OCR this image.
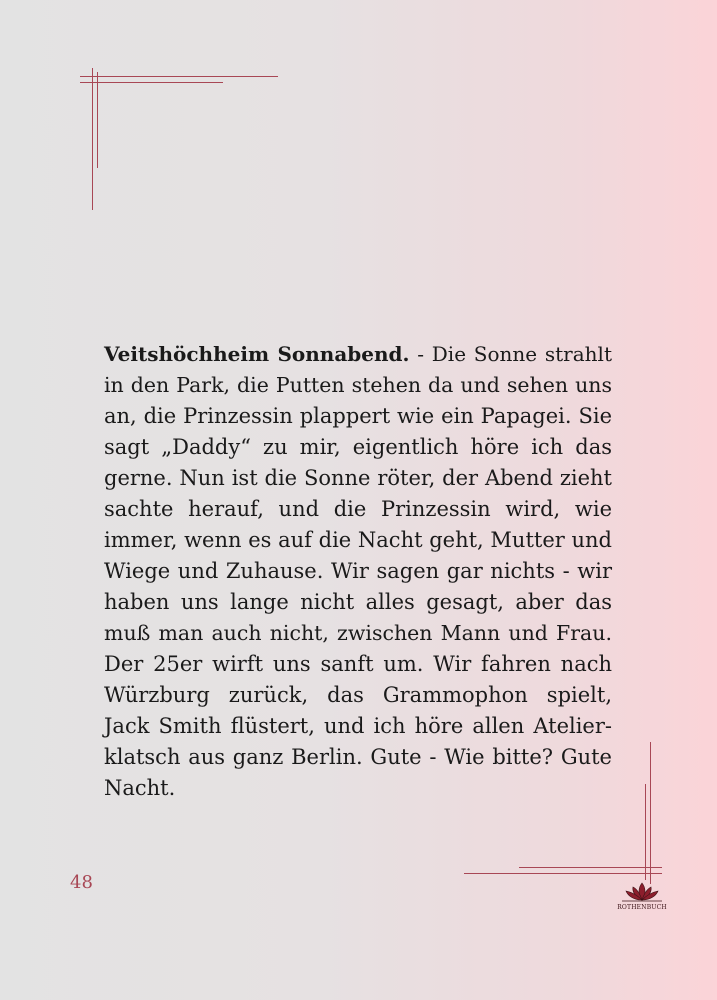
Veitshöchheim Sonnabend. - Die Sonne strahlt
in den Park, die Putten stehen da und sehen uns
an, die Prinzessin plappert wie ein Papagei. Sie
sagt „Daddy“ zu mir, eigentlich höre ich das
gerne. Nun ist die Sonne röter, der Abend zieht
sachte herauf, und die Prinzessin wird, wie
immer, wenn es auf die Nacht geht, Mutter und
Wiege und Zuhause. Wir sagen gar nichts - wir
haben uns lange nicht alles gesagt, aber das
muß man auch nicht, zwischen Mann und Frau.
Der 25er wirft uns sanft um. Wir fahren nach
Würzburg zurück, das Grammophon spielt,
Jack Smith flüstert, und ich höre allen Atelier-
klatsch aus ganz Berlin. Gute - Wie bitte? Gute
Nacht.
48
ROTHENBUCH
